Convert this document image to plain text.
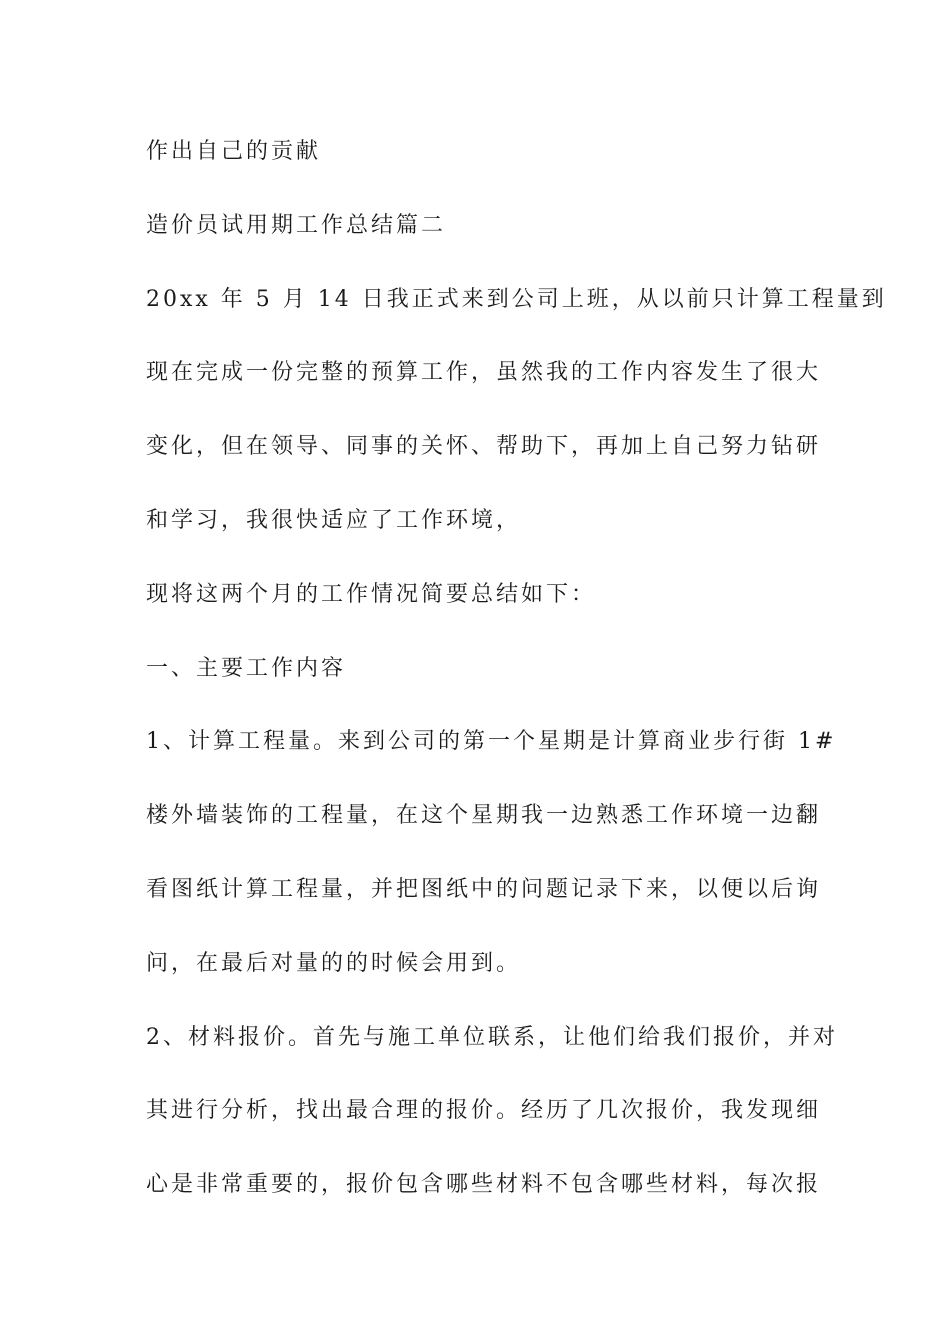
作出自己的贡献
造价员试用期工作总结篇二
20xx 年 5 月 14 日我正式来到公司上班，从以前只计算工程量到
现在完成一份完整的预算工作，虽然我的工作内容发生了很大
变化，但在领导、同事的关怀、帮助下，再加上自己努力钻研
和学习，我很快适应了工作环境，
现将这两个月的工作情况简要总结如下：
一、主要工作内容
1、计算工程量。来到公司的第一个星期是计算商业步行街 1#
楼外墙装饰的工程量，在这个星期我一边熟悉工作环境一边翻
看图纸计算工程量，并把图纸中的问题记录下来，以便以后询
问，在最后对量的的时候会用到。
2、材料报价。首先与施工单位联系，让他们给我们报价，并对
其进行分析，找出最合理的报价。经历了几次报价，我发现细
心是非常重要的，报价包含哪些材料不包含哪些材料，每次报
